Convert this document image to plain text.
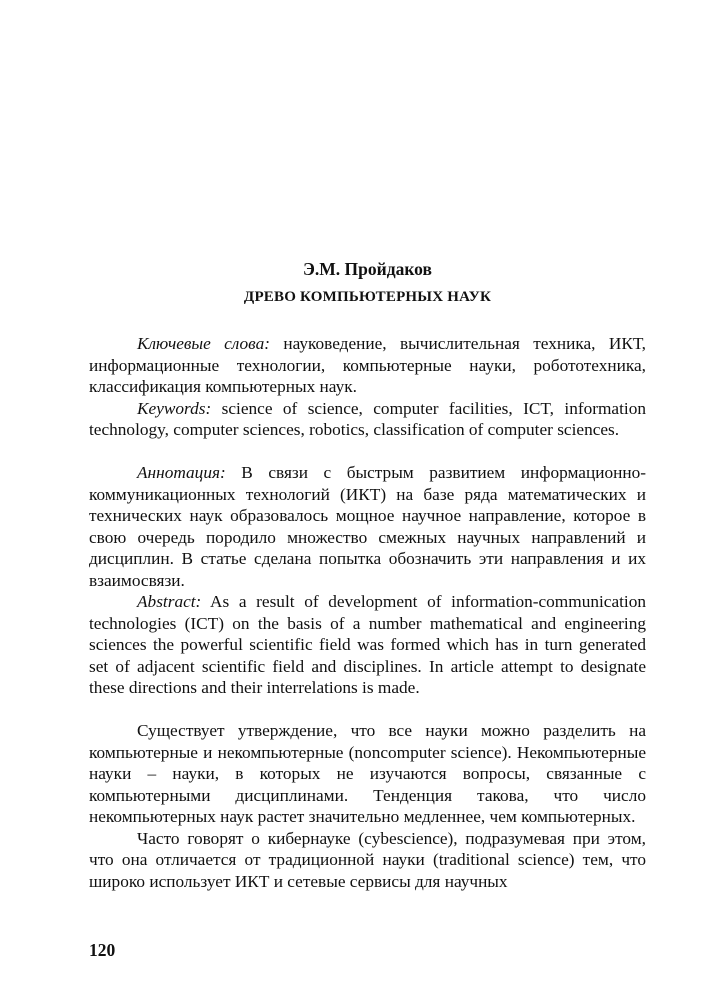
Э.М. Пройдаков
ДРЕВО КОМПЬЮТЕРНЫХ НАУК

Ключевые слова: науковедение, вычислительная техника, ИКТ, информационные технологии, компьютерные науки, робототехника, классификация компьютерных наук.

Keywords: science of science, computer facilities, ICT, information technology, computer sciences, robotics, classification of computer sciences.

Аннотация: В связи с быстрым развитием информационно-коммуникационных технологий (ИКТ) на базе ряда математических и технических наук образовалось мощное научное направление, которое в свою очередь породило множество смежных научных направлений и дисциплин. В статье сделана попытка обозначить эти направления и их взаимосвязи.

Abstract: As a result of development of information-communication technologies (ICT) on the basis of a number mathematical and engineering sciences the powerful scientific field was formed which has in turn generated set of adjacent scientific field and disciplines. In article attempt to designate these directions and their interrelations is made.

Существует утверждение, что все науки можно разделить на компьютерные и некомпьютерные (noncomputer science). Некомпьютерные науки – науки, в которых не изучаются вопросы, связанные с компьютерными дисциплинами. Тенденция такова, что число некомпьютерных наук растет значительно медленнее, чем компьютерных.

Часто говорят о кибернауке (cybescience), подразумевая при этом, что она отличается от традиционной науки (traditional science) тем, что широко использует ИКТ и сетевые сервисы для научных

120
